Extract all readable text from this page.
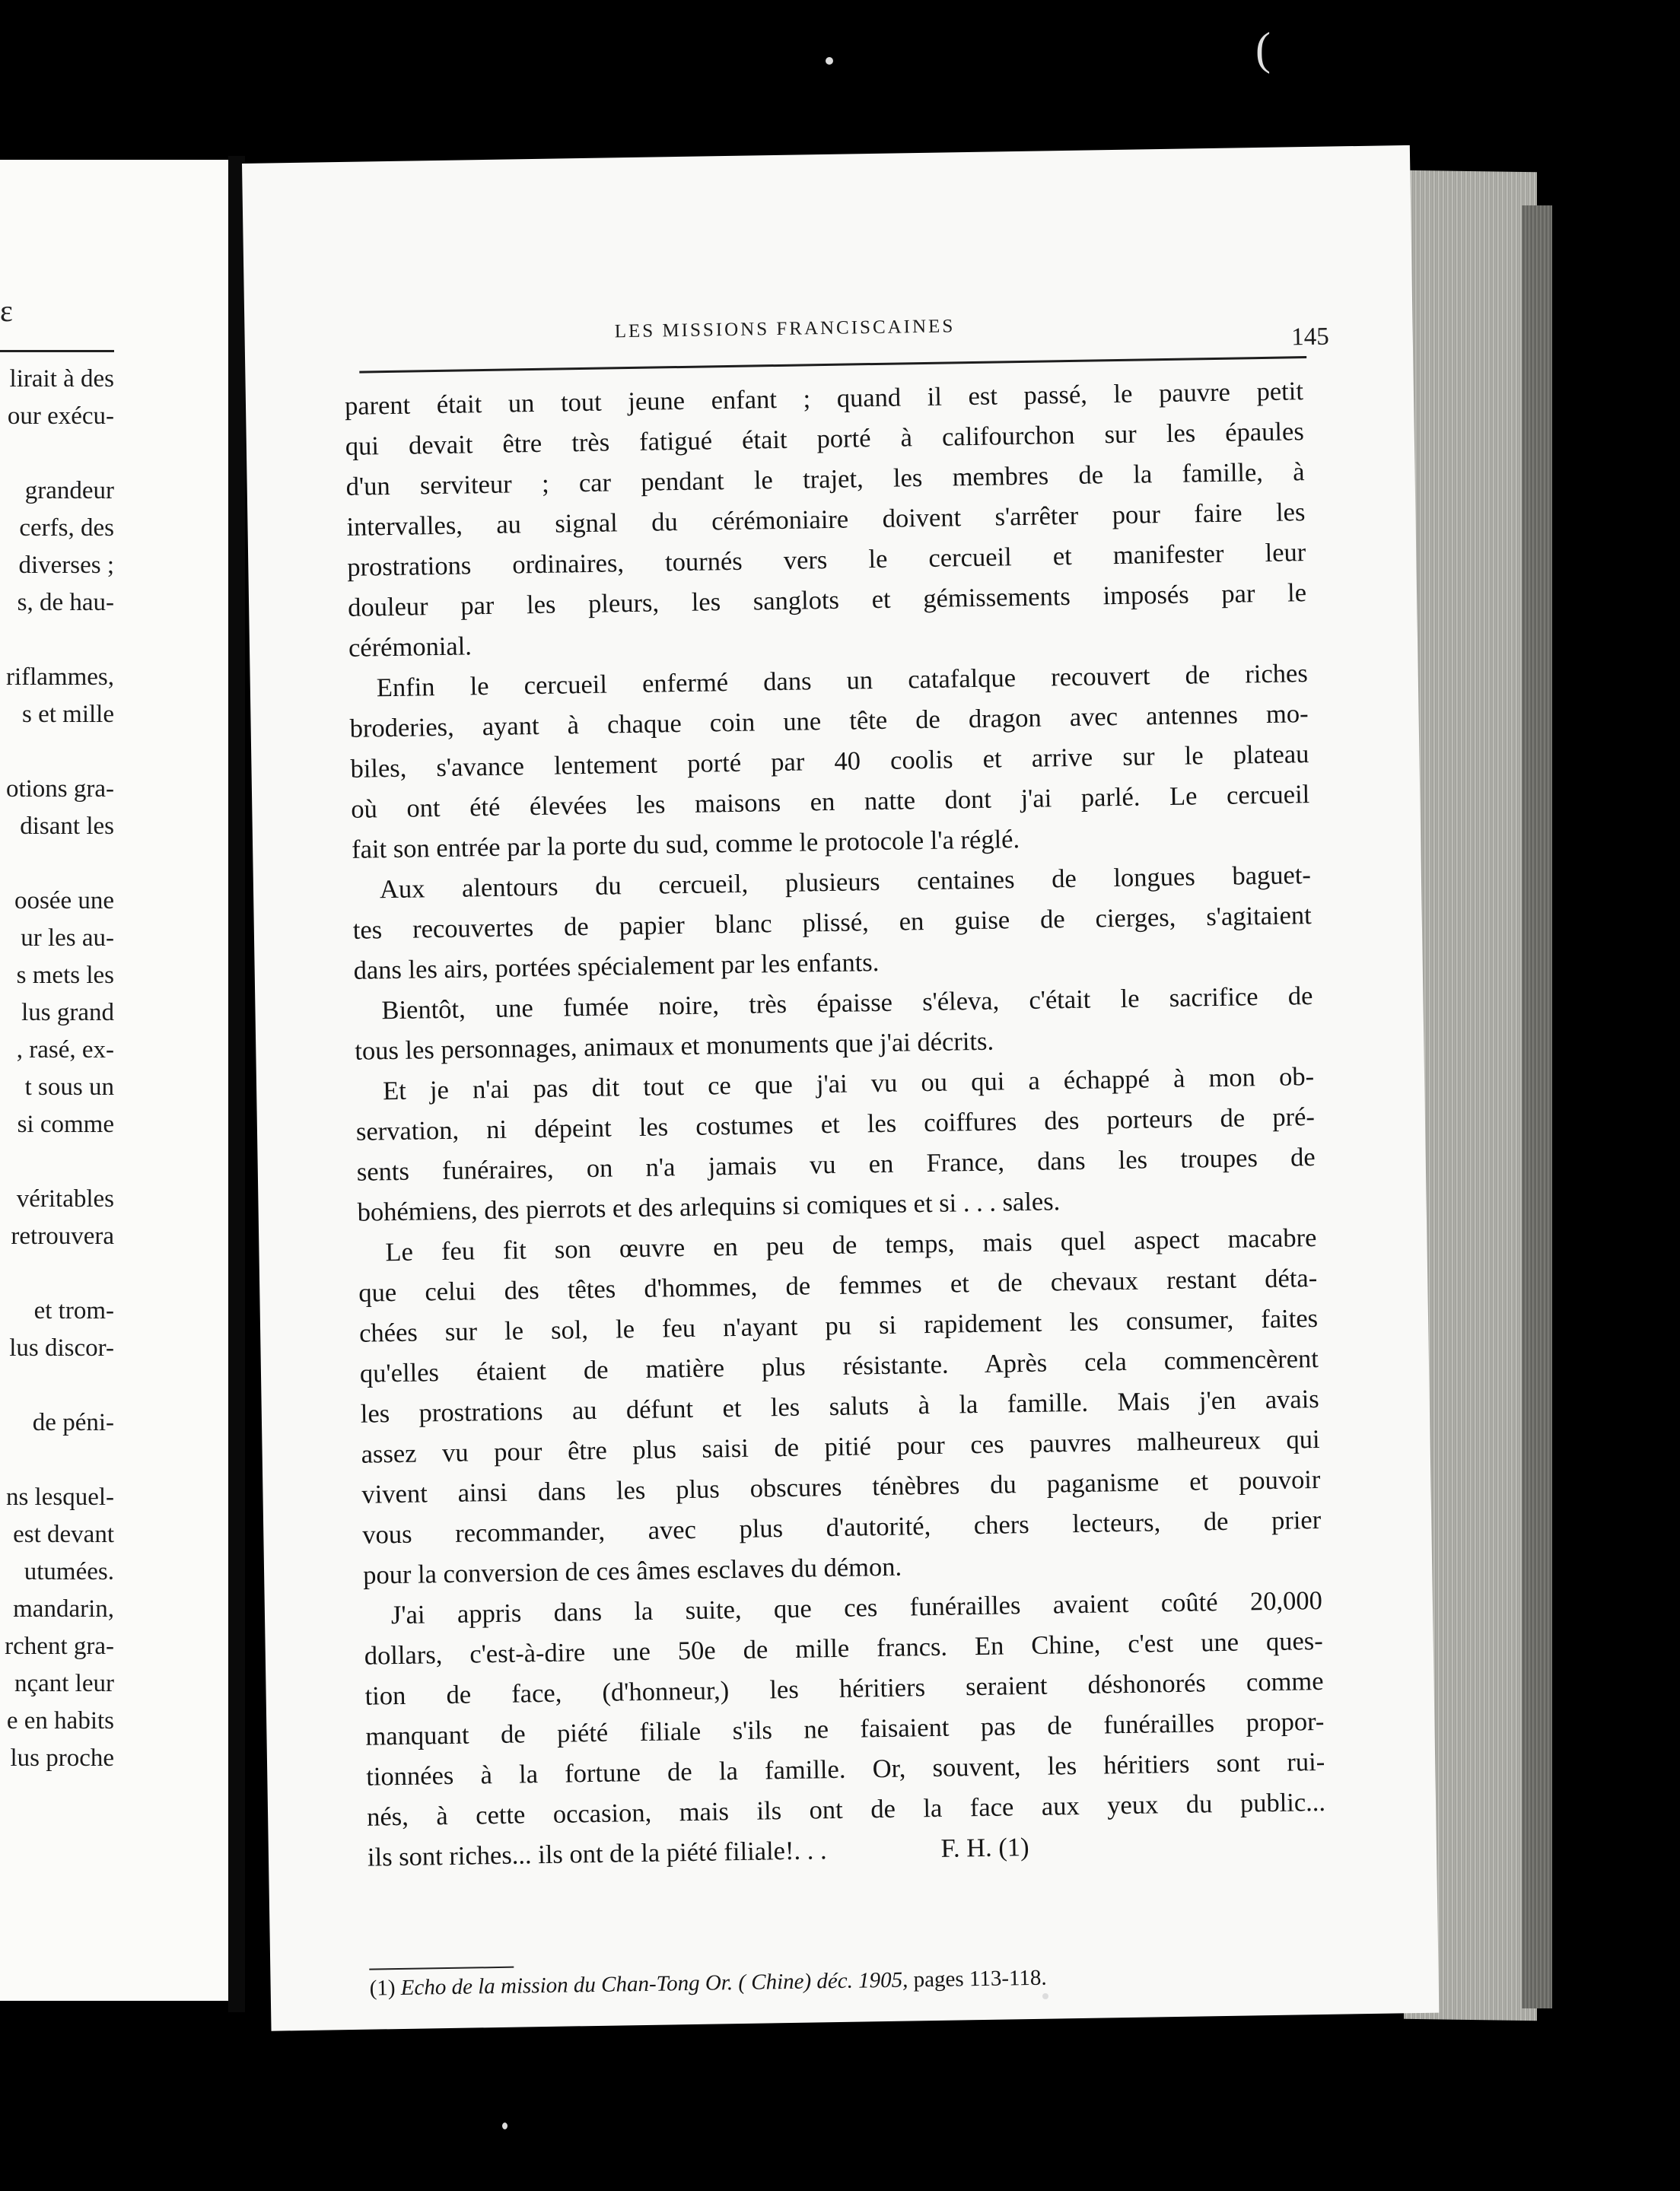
ε
lirait à des
our exécu-
grandeur
cerfs, des
diverses ;
s, de hau-
riflammes,
s et mille
otions gra-
disant les
oosée une
ur les au-
s mets les
lus grand
, rasé, ex-
t sous un
si comme
véritables
retrouvera
et trom-
lus discor-
de péni-
ns lesquel-
est devant
utumées.
mandarin,
rchent gra-
nçant leur
e en habits
lus proche
LES MISSIONS FRANCISCAINES	145
parent était un tout jeune enfant ; quand il est passé, le pauvre petit
qui devait être très fatigué était porté à califourchon sur les épaules
d'un serviteur ; car pendant le trajet, les membres de la famille, à
intervalles, au signal du cérémoniaire doivent s'arrêter pour faire les
prostrations ordinaires, tournés vers le cercueil et manifester leur
douleur par les pleurs, les sanglots et gémissements imposés par le
cérémonial.
Enfin le cercueil enfermé dans un catafalque recouvert de riches
broderies, ayant à chaque coin une tête de dragon avec antennes mo-
biles, s'avance lentement porté par 40 coolis et arrive sur le plateau
où ont été élevées les maisons en natte dont j'ai parlé. Le cercueil
fait son entrée par la porte du sud, comme le protocole l'a réglé.
Aux alentours du cercueil, plusieurs centaines de longues baguet-
tes recouvertes de papier blanc plissé, en guise de cierges, s'agitaient
dans les airs, portées spécialement par les enfants.
Bientôt, une fumée noire, très épaisse s'éleva, c'était le sacrifice de
tous les personnages, animaux et monuments que j'ai décrits.
Et je n'ai pas dit tout ce que j'ai vu ou qui a échappé à mon ob-
servation, ni dépeint les costumes et les coiffures des porteurs de pré-
sents funéraires, on n'a jamais vu en France, dans les troupes de
bohémiens, des pierrots et des arlequins si comiques et si . . . sales.
Le feu fit son œuvre en peu de temps, mais quel aspect macabre
que celui des têtes d'hommes, de femmes et de chevaux restant déta-
chées sur le sol, le feu n'ayant pu si rapidement les consumer, faites
qu'elles étaient de matière plus résistante. Après cela commencèrent
les prostrations au défunt et les saluts à la famille. Mais j'en avais
assez vu pour être plus saisi de pitié pour ces pauvres malheureux qui
vivent ainsi dans les plus obscures ténèbres du paganisme et pouvoir
vous recommander, avec plus d'autorité, chers lecteurs, de prier
pour la conversion de ces âmes esclaves du démon.
J'ai appris dans la suite, que ces funérailles avaient coûté 20,000
dollars, c'est-à-dire une 50e de mille francs. En Chine, c'est une ques-
tion de face, (d'honneur,) les héritiers seraient déshonorés comme
manquant de piété filiale s'ils ne faisaient pas de funérailles propor-
tionnées à la fortune de la famille. Or, souvent, les héritiers sont rui-
nés, à cette occasion, mais ils ont de la face aux yeux du public...
ils sont riches... ils ont de la piété filiale!. . .	F. H. (1)
(1) Echo de la mission du Chan-Tong Or. ( Chine) déc. 1905, pages 113-118.
(
